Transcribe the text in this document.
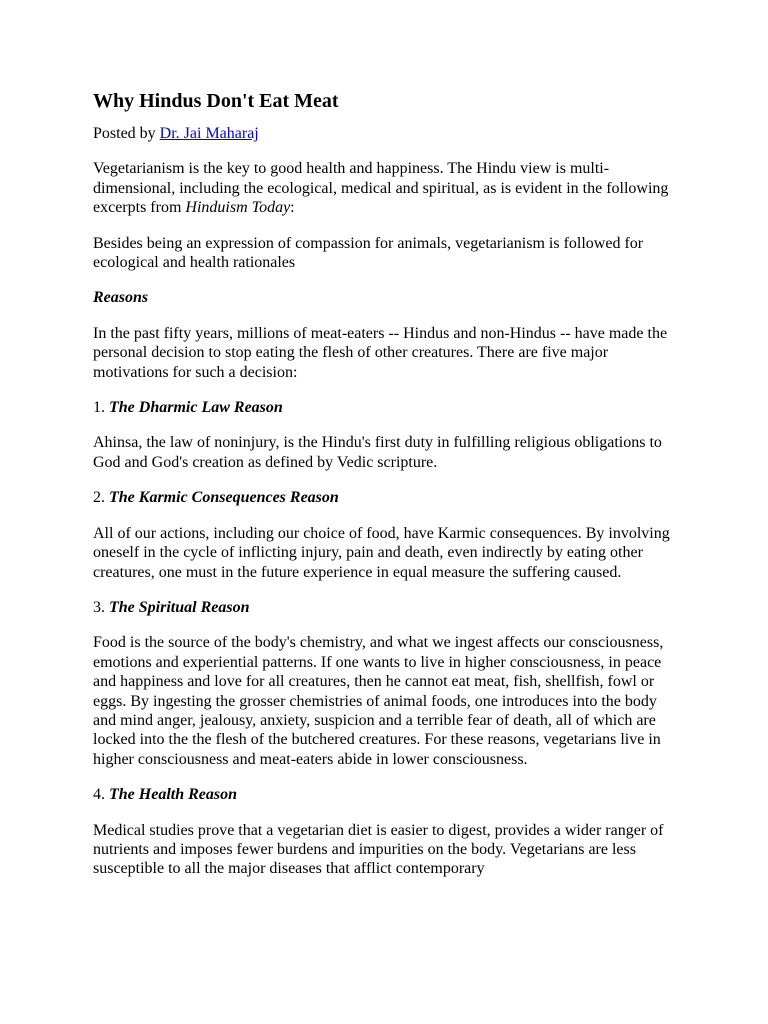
Why Hindus Don't Eat Meat
Posted by Dr. Jai Maharaj
Vegetarianism is the key to good health and happiness. The Hindu view is multi-dimensional, including the ecological, medical and spiritual, as is evident in the following excerpts from Hinduism Today:
Besides being an expression of compassion for animals, vegetarianism is followed for ecological and health rationales
Reasons
In the past fifty years, millions of meat-eaters -- Hindus and non-Hindus -- have made the personal decision to stop eating the flesh of other creatures. There are five major motivations for such a decision:
1. The Dharmic Law Reason
Ahinsa, the law of noninjury, is the Hindu's first duty in fulfilling religious obligations to God and God's creation as defined by Vedic scripture.
2. The Karmic Consequences Reason
All of our actions, including our choice of food, have Karmic consequences. By involving oneself in the cycle of inflicting injury, pain and death, even indirectly by eating other creatures, one must in the future experience in equal measure the suffering caused.
3. The Spiritual Reason
Food is the source of the body's chemistry, and what we ingest affects our consciousness, emotions and experiential patterns. If one wants to live in higher consciousness, in peace and happiness and love for all creatures, then he cannot eat meat, fish, shellfish, fowl or eggs. By ingesting the grosser chemistries of animal foods, one introduces into the body and mind anger, jealousy, anxiety, suspicion and a terrible fear of death, all of which are locked into the the flesh of the butchered creatures. For these reasons, vegetarians live in higher consciousness and meat-eaters abide in lower consciousness.
4. The Health Reason
Medical studies prove that a vegetarian diet is easier to digest, provides a wider ranger of nutrients and imposes fewer burdens and impurities on the body. Vegetarians are less susceptible to all the major diseases that afflict contemporary
